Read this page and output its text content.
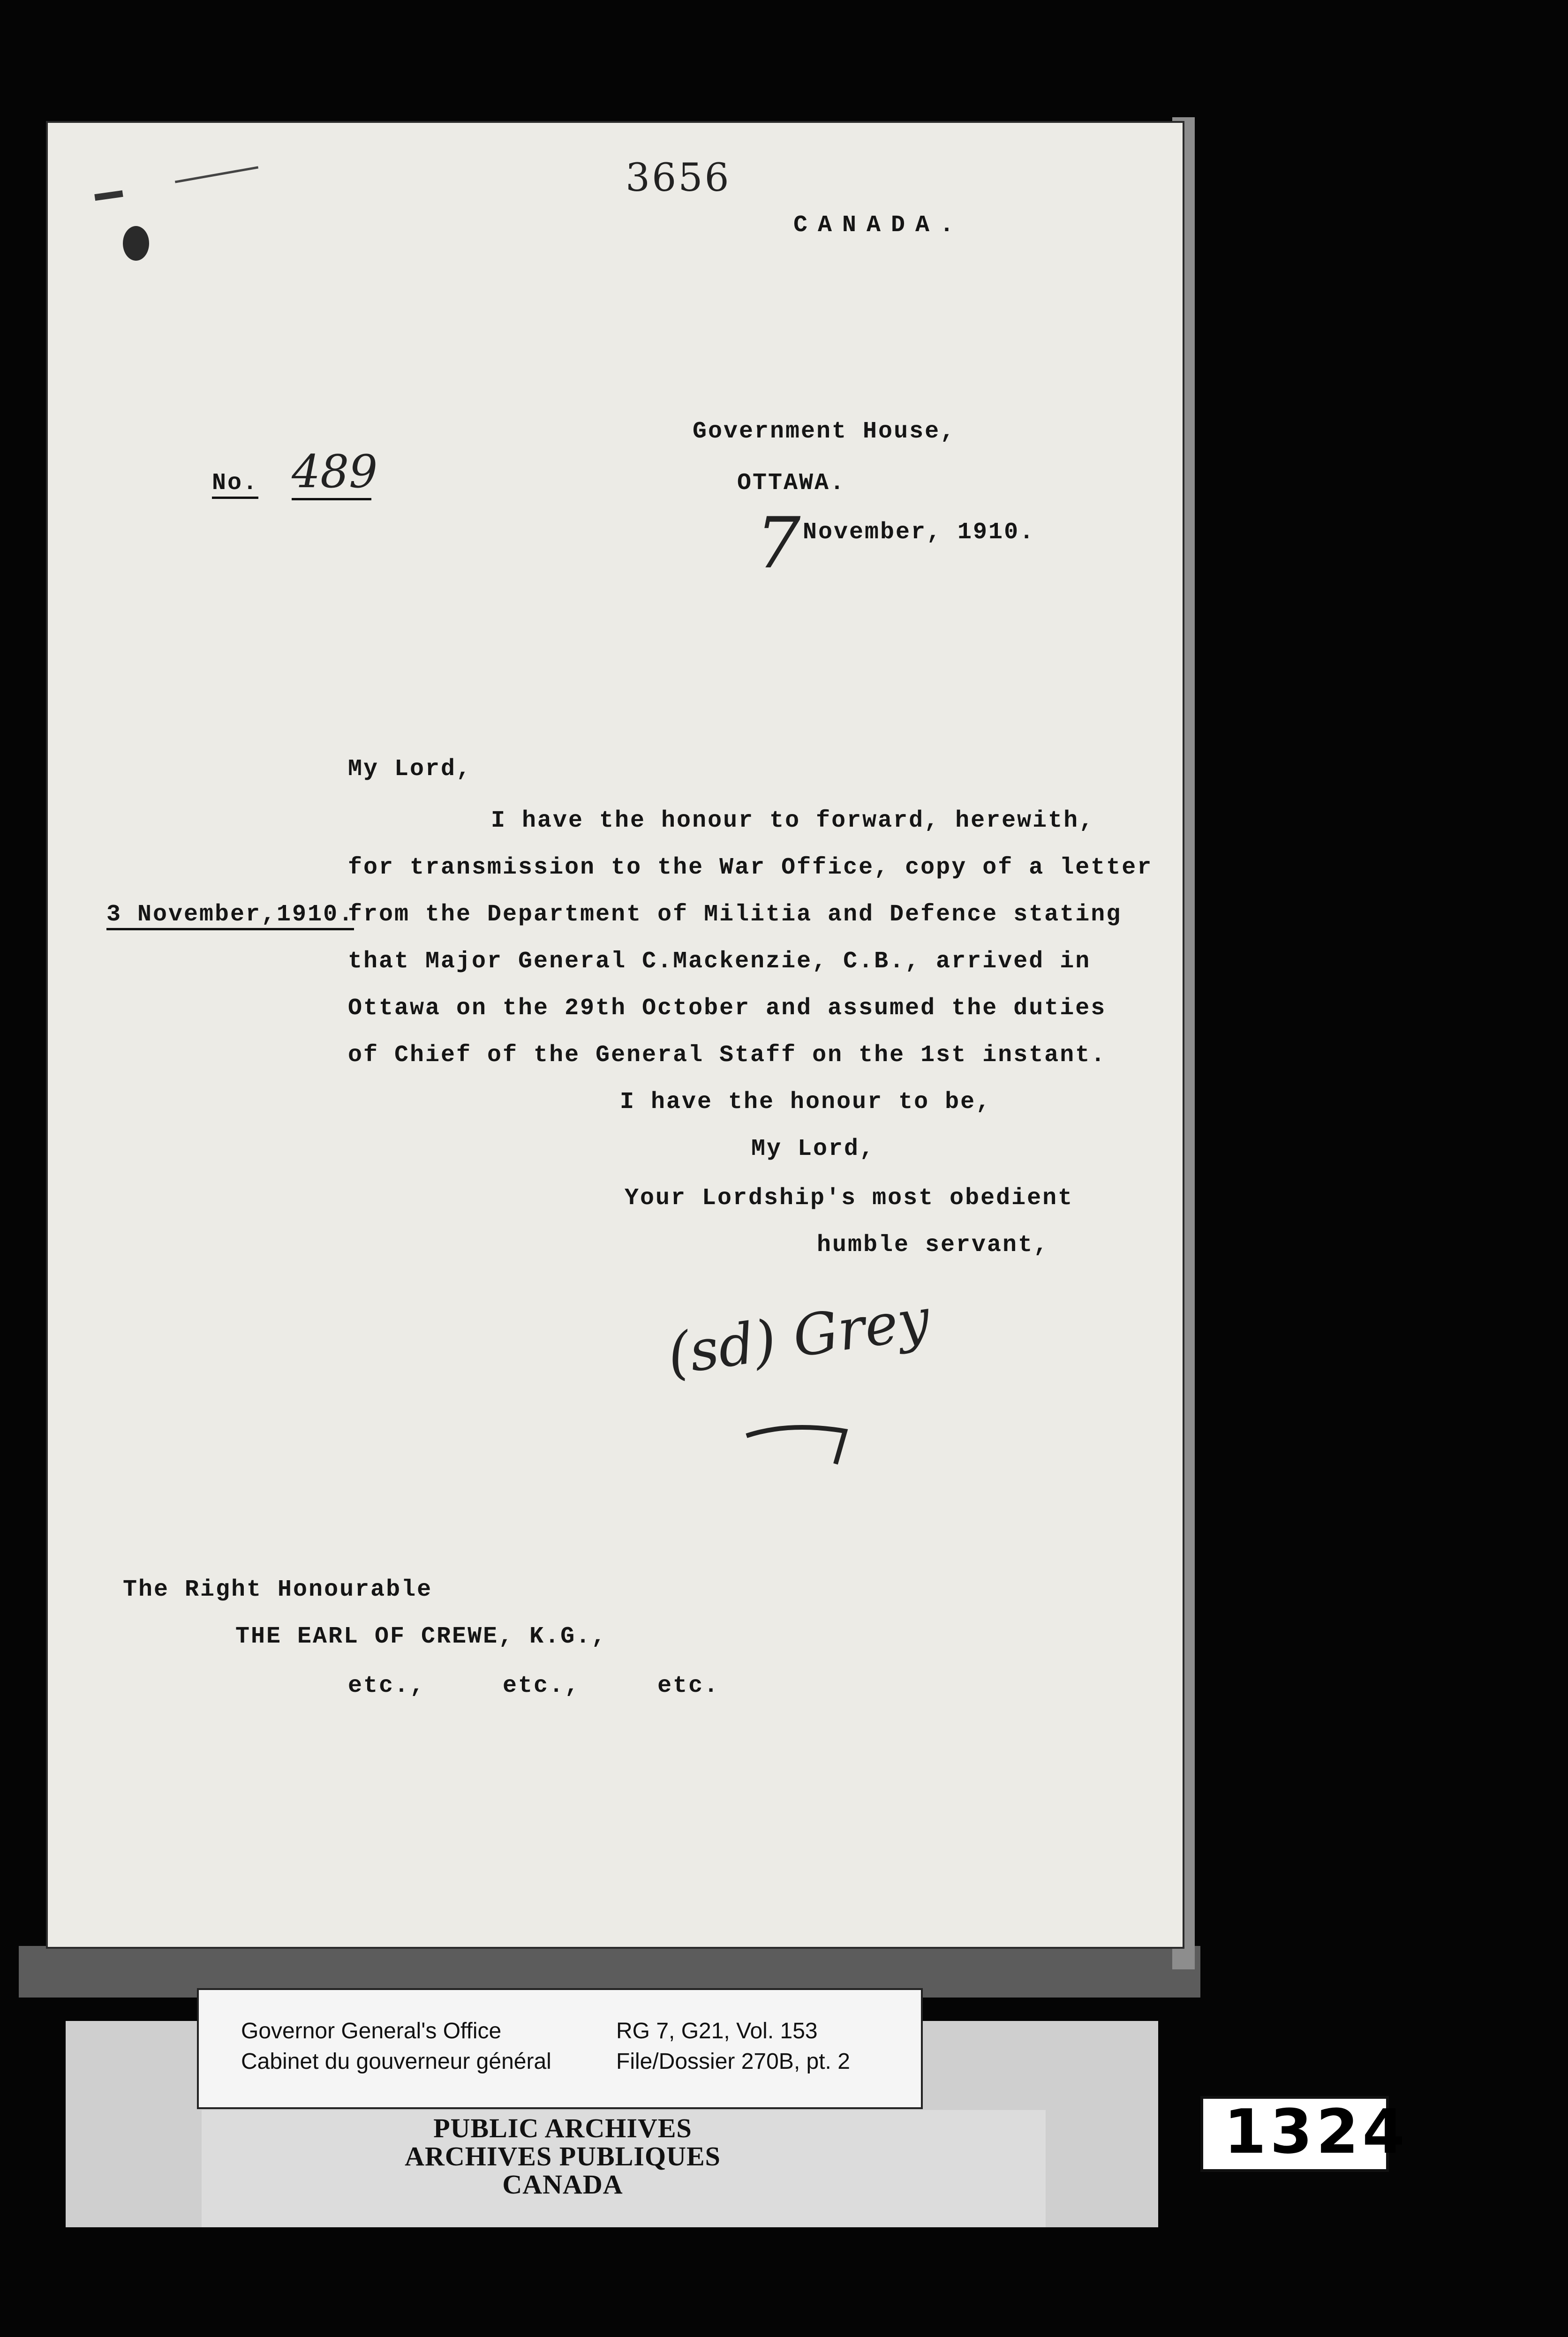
3656
CANADA.
Government House,
No. 489	OTTAWA.
7 November, 1910.
My Lord,
I have the honour to forward, herewith,
for transmission to the War Office, copy of a letter
3 November,1910.
from the Department of Militia and Defence stating
that Major General C.Mackenzie, C.B., arrived in
Ottawa on the 29th October and assumed the duties
of Chief of the General Staff on the 1st instant.
I have the honour to be,
My Lord,
Your Lordship's most obedient
humble servant,
(sd) Grey
The Right Honourable
THE EARL OF CREWE, K.G.,
etc.,     etc.,     etc.
Governor General's Office
Cabinet du gouverneur général
RG 7, G21, Vol. 153
File/Dossier 270B, pt. 2
PUBLIC ARCHIVES
ARCHIVES PUBLIQUES
CANADA
1324
